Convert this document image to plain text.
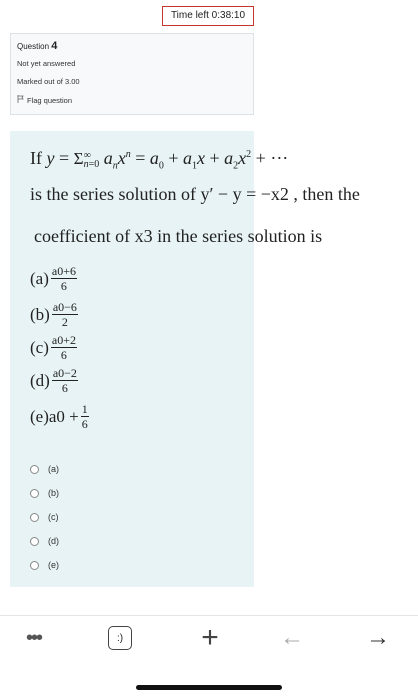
Time left 0:38:10
Question 4
Not yet answered
Marked out of 3.00
Flag question
If y = Σ ∞
n=0 $a_nx^n = a_0 + a_1x + a_2x^2$ + ···
is the series solution of y′ − y = −x2 , then the
coefficient of x3 in the series solution is
$(a) \frac{a0+6}{6}$
$(b) \frac{a0-6}{2}$
$(c) \frac{a0+2}{6}$
$(d) \frac{a0-2}{6}$
$(e)a0 + \frac{1}{6}$
(a)
(b)
(c)
(d)
(e)
•••	:)	+	←	→
